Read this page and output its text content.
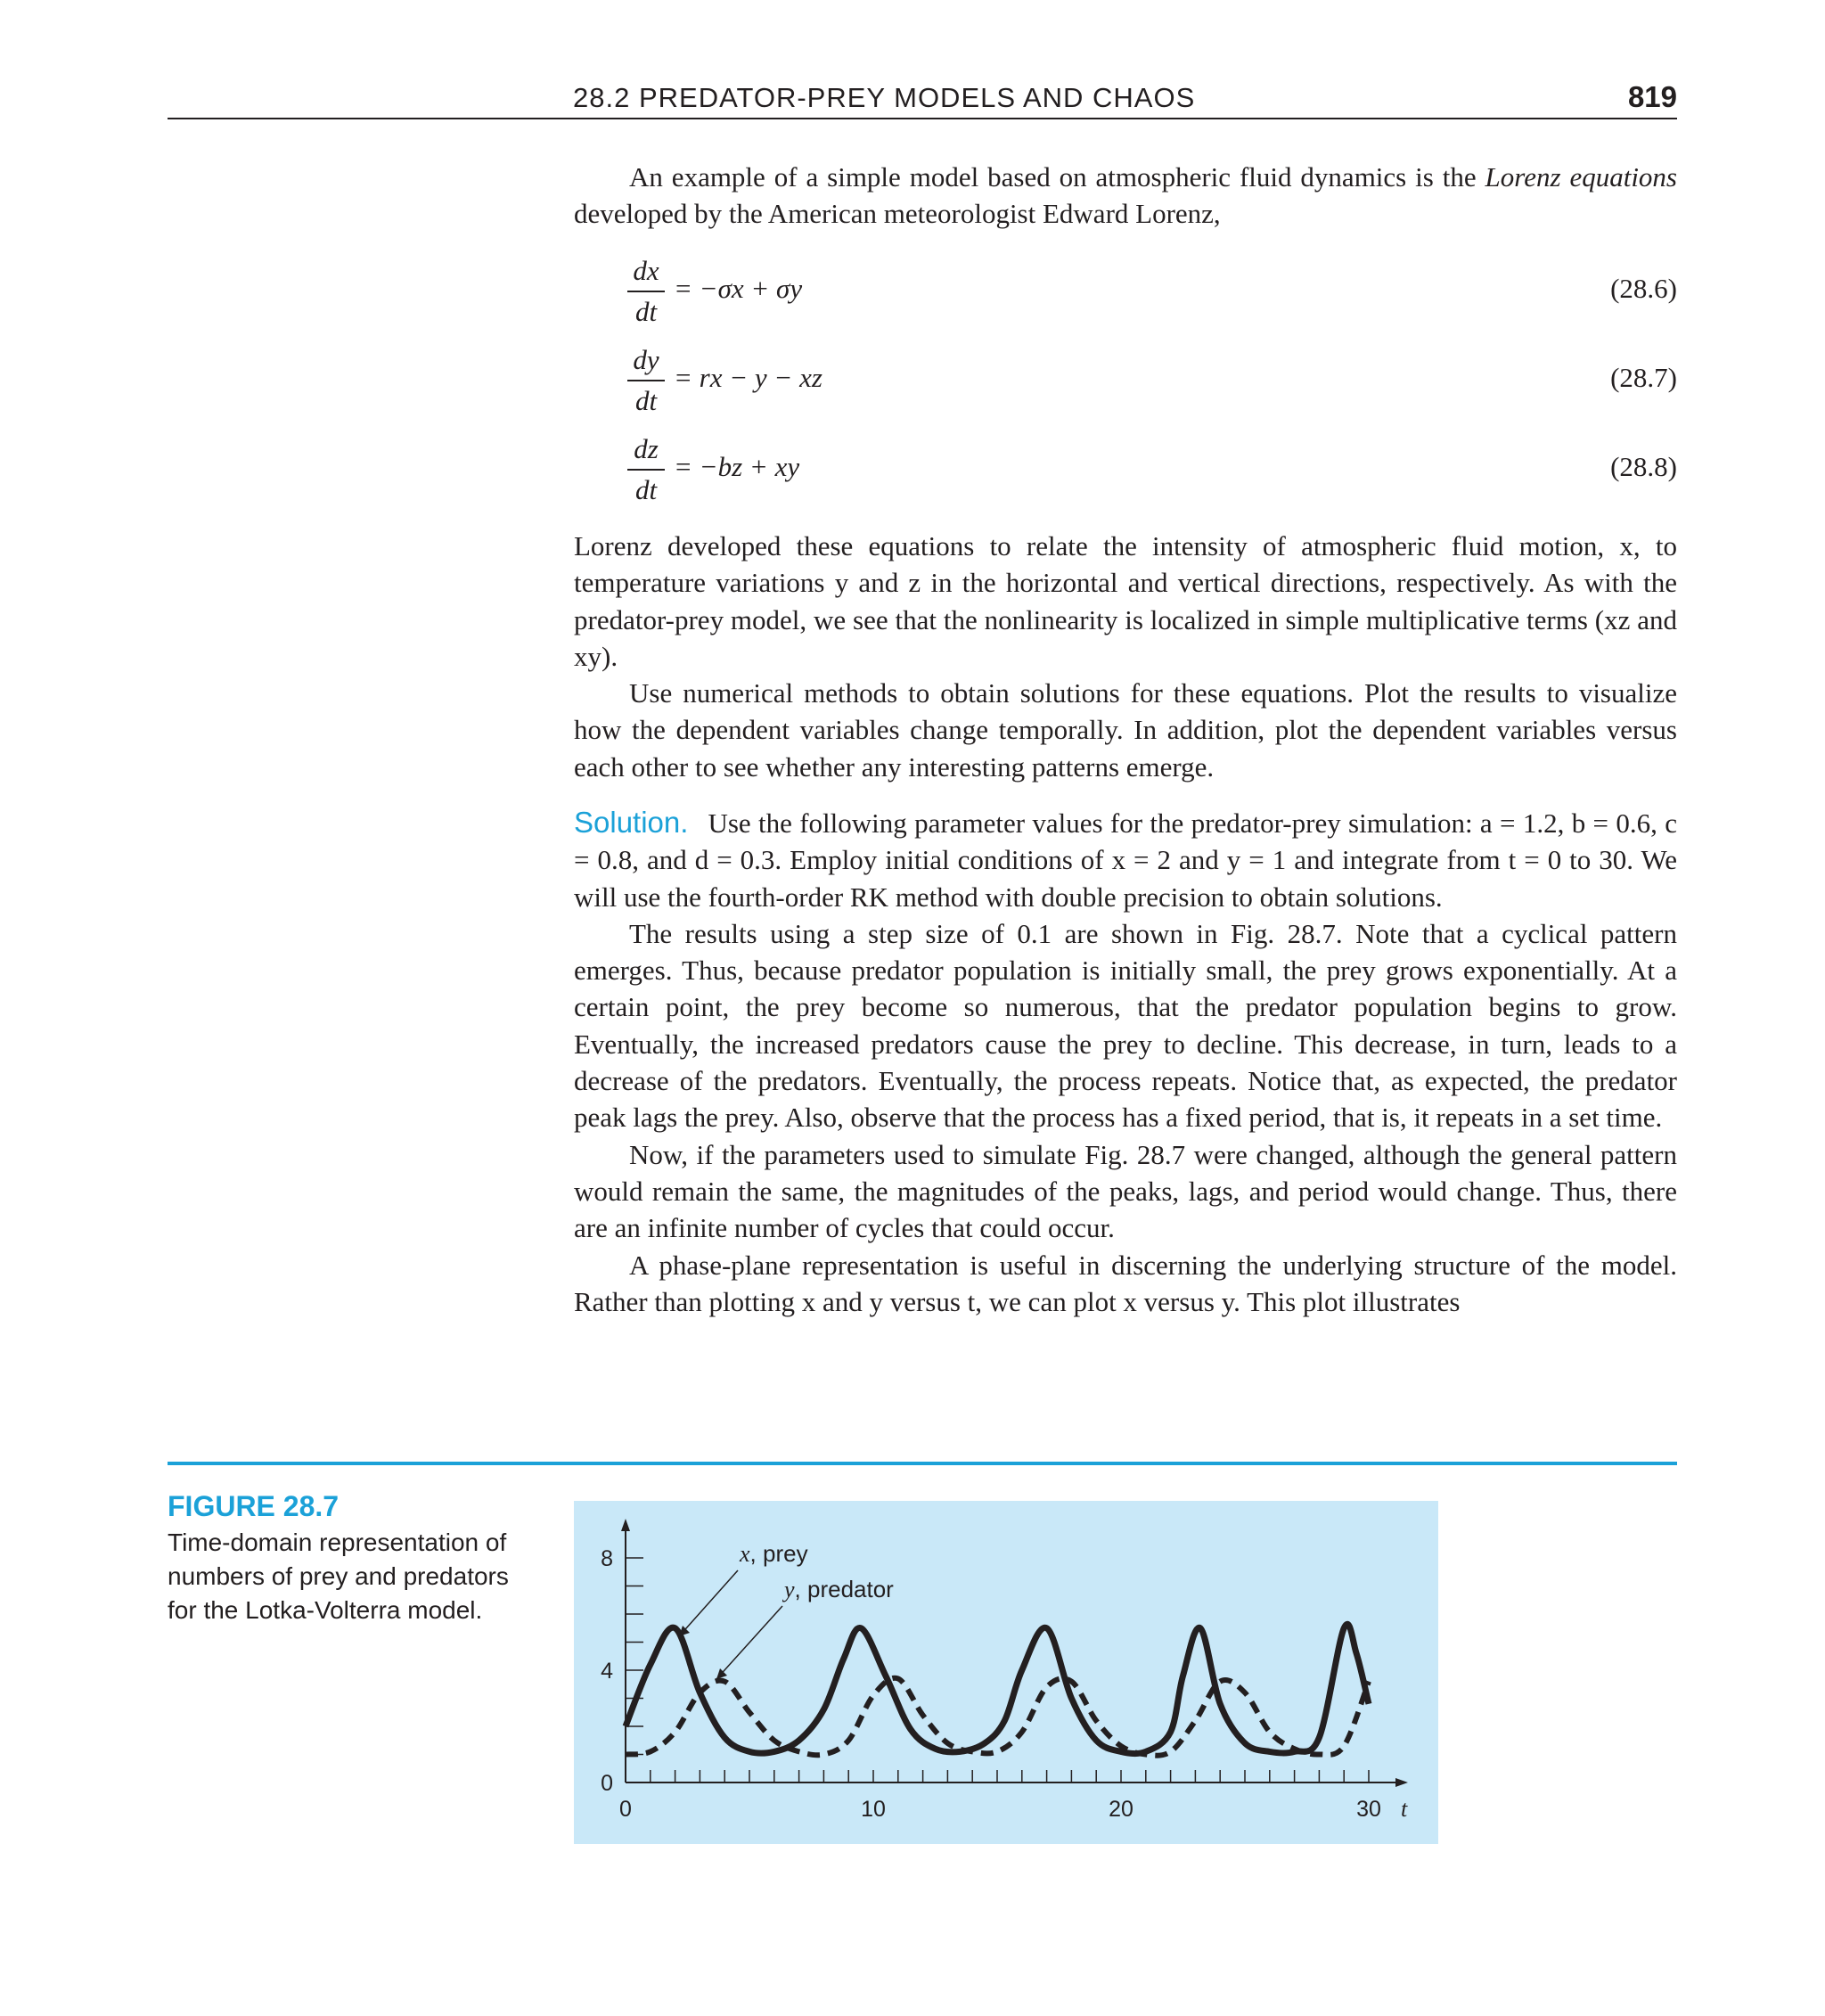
28.2 PREDATOR-PREY MODELS AND CHAOS	819

An example of a simple model based on atmospheric fluid dynamics is the Lorenz equations developed by the American meteorologist Edward Lorenz,

$\frac{dx}{dt} = -\sigma x + \sigma y$	(28.6)
$\frac{dy}{dt}$ = rx − y − xz	(28.7)
$\frac{dz}{dt} = -bz$ + xy	(28.8)

Lorenz developed these equations to relate the intensity of atmospheric fluid motion, x, to temperature variations y and z in the horizontal and vertical directions, respectively. As with the predator-prey model, we see that the nonlinearity is localized in simple multiplicative terms (xz and xy).

Use numerical methods to obtain solutions for these equations. Plot the results to visualize how the dependent variables change temporally. In addition, plot the dependent variables versus each other to see whether any interesting patterns emerge.

Solution. Use the following parameter values for the predator-prey simulation: a = 1.2, b = 0.6, c = 0.8, and d = 0.3. Employ initial conditions of x = 2 and y = 1 and integrate from t = 0 to 30. We will use the fourth-order RK method with double precision to obtain solutions.

The results using a step size of 0.1 are shown in Fig. 28.7. Note that a cyclical pattern emerges. Thus, because predator population is initially small, the prey grows exponentially. At a certain point, the prey become so numerous, that the predator population begins to grow. Eventually, the increased predators cause the prey to decline. This decrease, in turn, leads to a decrease of the predators. Eventually, the process repeats. Notice that, as expected, the predator peak lags the prey. Also, observe that the process has a fixed period, that is, it repeats in a set time.

Now, if the parameters used to simulate Fig. 28.7 were changed, although the general pattern would remain the same, the magnitudes of the peaks, lags, and period would change. Thus, there are an infinite number of cycles that could occur.

A phase-plane representation is useful in discerning the underlying structure of the model. Rather than plotting x and y versus t, we can plot x versus y. This plot illustrates

FIGURE 28.7
Time-domain representation of numbers of prey and predators for the Lotka-Volterra model.
0	10	20	30
0
4
8
t
x, prey
y, predator
